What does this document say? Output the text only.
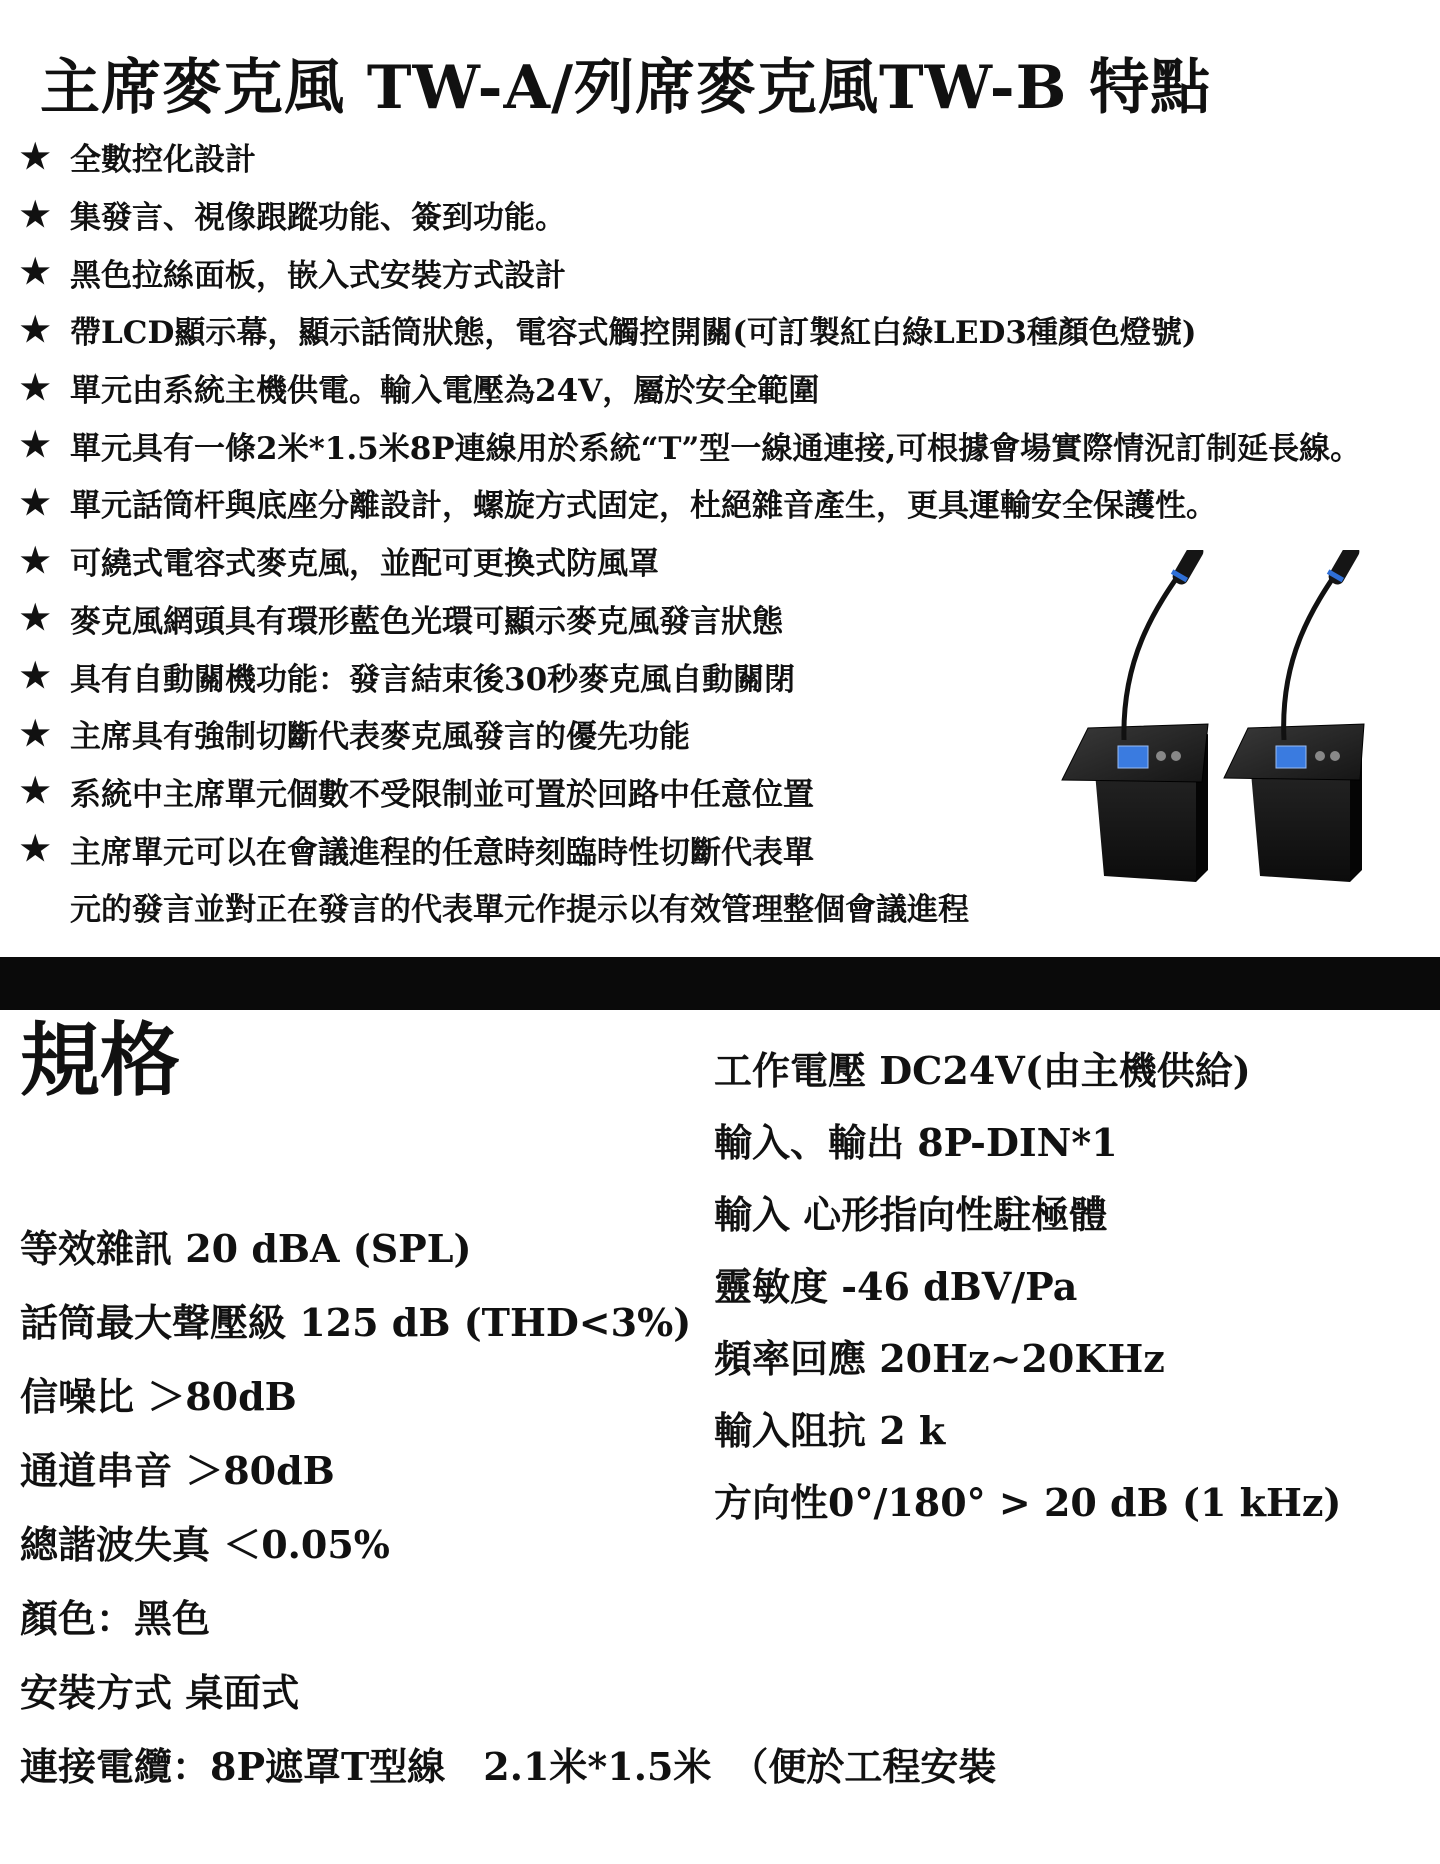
主席麥克風 TW-A/列席麥克風TW-B 特點
★ 全數控化設計
★ 集發言、視像跟蹤功能、簽到功能。
★ 黑色拉絲面板，嵌入式安裝方式設計
★ 帶LCD顯示幕，顯示話筒狀態，電容式觸控開關(可訂製紅白綠LED3種顏色燈號)
★ 單元由系統主機供電。輸入電壓為24V，屬於安全範圍
★ 單元具有一條2米*1.5米8P連線用於系統“T”型一線通連接,可根據會場實際情況訂制延長線。
★ 單元話筒杆與底座分離設計，螺旋方式固定，杜絕雜音產生，更具運輸安全保護性。
★ 可繞式電容式麥克風，並配可更換式防風罩
★ 麥克風網頭具有環形藍色光環可顯示麥克風發言狀態
★ 具有自動關機功能：發言結束後30秒麥克風自動關閉
★ 主席具有強制切斷代表麥克風發言的優先功能
★ 系統中主席單元個數不受限制並可置於回路中任意位置
★ 主席單元可以在會議進程的任意時刻臨時性切斷代表單
元的發言並對正在發言的代表單元作提示以有效管理整個會議進程
規格	工作電壓 DC24V(由主機供給)
輸入、輸出 8P-DIN*1
輸入 心形指向性駐極體
靈敏度 -46 dBV/Pa
頻率回應 20Hz~20KHz
輸入阻抗 2 k
方向性0°/180° > 20 dB (1 kHz)
等效雜訊 20 dBA (SPL)
話筒最大聲壓級 125 dB (THD<3%)
信噪比 ＞80dB
通道串音 ＞80dB
總諧波失真 ＜0.05%
顏色：黑色
安裝方式 桌面式
連接電纜：8P遮罩T型線　2.1米*1.5米　（便於工程安裝
